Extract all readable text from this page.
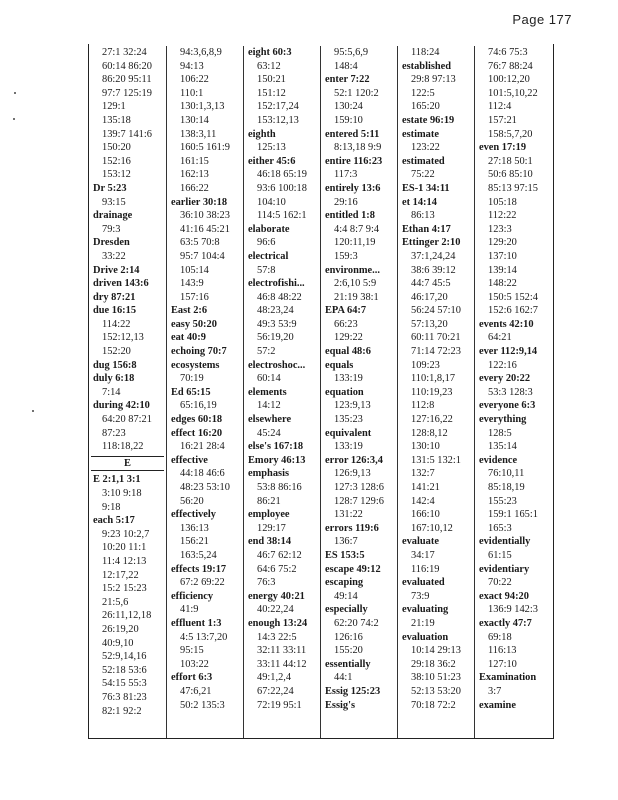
Page 177
27:1 32:24
60:14 86:20
86:20 95:11
97:7 125:19
129:1
135:18
139:7 141:6
150:20
152:16
153:12
Dr 5:23
93:15
drainage
79:3
Dresden
33:22
Drive 2:14
driven 143:6
dry 87:21
due 16:15
114:22
152:12,13
152:20
dug 156:8
duly 6:18
7:14
during 42:10
64:20 87:21
87:23
118:18,22
E
E 2:1,1 3:1
3:10 9:18
9:18
each 5:17
9:23 10:2,7
10:20 11:1
11:4 12:13
12:17,22
15:2 15:23
21:5,6
26:11,12,18
26:19,20
40:9,10
52:9,14,16
52:18 53:6
54:15 55:3
76:3 81:23
82:1 92:2
94:3,6,8,9
94:13
106:22
110:1
130:1,3,13
130:14
138:3,11
160:5 161:9
161:15
162:13
166:22
earlier 30:18
36:10 38:23
41:16 45:21
63:5 70:8
95:7 104:4
105:14
143:9
157:16
East 2:6
easy 50:20
eat 40:9
echoing 70:7
ecosystems
70:19
Ed 65:15
65:16,19
edges 60:18
effect 16:20
16:21 28:4
effective
44:18 46:6
48:23 53:10
56:20
effectively
136:13
156:21
163:5,24
effects 19:17
67:2 69:22
efficiency
41:9
effluent 1:3
4:5 13:7,20
95:15
103:22
effort 6:3
47:6,21
50:2 135:3
eight 60:3
63:12
150:21
151:12
152:17,24
153:12,13
eighth
125:13
either 45:6
46:18 65:19
93:6 100:18
104:10
114:5 162:1
elaborate
96:6
electrical
57:8
electrofishi...
46:8 48:22
48:23,24
49:3 53:9
56:19,20
57:2
electroshoc...
60:14
elements
14:12
elsewhere
45:24
else's 167:18
Emory 46:13
emphasis
53:8 86:16
86:21
employee
129:17
end 38:14
46:7 62:12
64:6 75:2
76:3
energy 40:21
40:22,24
enough 13:24
14:3 22:5
32:11 33:11
33:11 44:12
49:1,2,4
67:22,24
72:19 95:1
95:5,6,9
148:4
enter 7:22
52:1 120:2
130:24
159:10
entered 5:11
8:13,18 9:9
entire 116:23
117:3
entirely 13:6
29:16
entitled 1:8
4:4 8:7 9:4
120:11,19
159:3
environme...
2:6,10 5:9
21:19 38:1
EPA 64:7
66:23
129:22
equal 48:6
equals
133:19
equation
123:9,13
135:23
equivalent
133:19
error 126:3,4
126:9,13
127:3 128:6
128:7 129:6
131:22
errors 119:6
136:7
ES 153:5
escape 49:12
escaping
49:14
especially
62:20 74:2
126:16
155:20
essentially
44:1
Essig 125:23
Essig's
118:24
established
29:8 97:13
122:5
165:20
estate 96:19
estimate
123:22
estimated
75:22
ES-1 34:11
et 14:14
86:13
Ethan 4:17
Ettinger 2:10
37:1,24,24
38:6 39:12
44:7 45:5
46:17,20
56:24 57:10
57:13,20
60:11 70:21
71:14 72:23
109:23
110:1,8,17
110:19,23
112:8
127:16,22
128:8,12
130:10
131:5 132:1
132:7
141:21
142:4
166:10
167:10,12
evaluate
34:17
116:19
evaluated
73:9
evaluating
21:19
evaluation
10:14 29:13
29:18 36:2
38:10 51:23
52:13 53:20
70:18 72:2
74:6 75:3
76:7 88:24
100:12,20
101:5,10,22
112:4
157:21
158:5,7,20
even 17:19
27:18 50:1
50:6 85:10
85:13 97:15
105:18
112:22
123:3
129:20
137:10
139:14
148:22
150:5 152:4
152:6 162:7
events 42:10
64:21
ever 112:9,14
122:16
every 20:22
53:3 128:3
everyone 6:3
everything
128:5
135:14
evidence
76:10,11
85:18,19
155:23
159:1 165:1
165:3
evidentially
61:15
evidentiary
70:22
exact 94:20
136:9 142:3
exactly 47:7
69:18
116:13
127:10
Examination
3:7
examine
